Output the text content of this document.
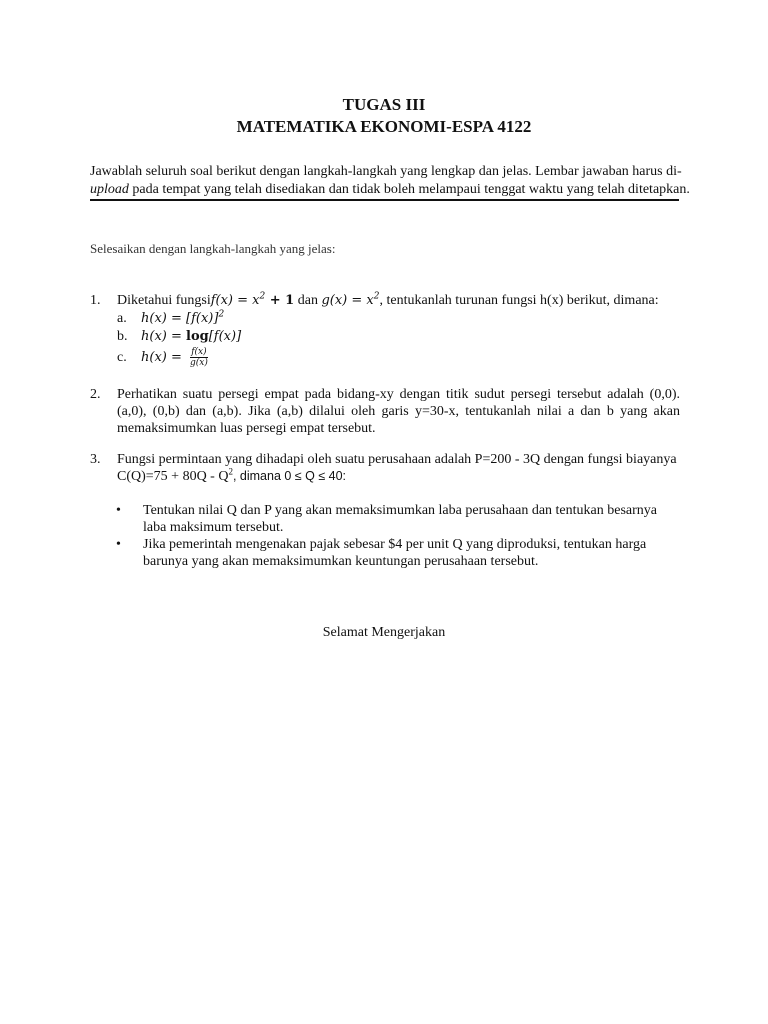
TUGAS III
MATEMATIKA EKONOMI-ESPA 4122
Jawablah seluruh soal berikut dengan langkah-langkah yang lengkap dan jelas. Lembar jawaban harus di-
upload pada tempat yang telah disediakan dan tidak boleh melampaui tenggat waktu yang telah ditetapkan.
Selesaikan dengan langkah-langkah yang jelas:
1. Diketahui fungsi $f(x) = x^2 + 1$ dan $g(x) = x^2$ , tentukanlah turunan fungsi h(x) berikut, dimana:
a.	$h(x) = [f(x)]^2$
b.	h(x) = log[f(x)]
c.	$h(x) = \frac{f(x)}{g(x)}$
2. Perhatikan suatu persegi empat pada bidang-xy dengan titik sudut persegi tersebut adalah (0,0). (a,0), (0,b) dan (a,b). Jika (a,b) dilalui oleh garis y=30-x, tentukanlah nilai a dan b yang akan memaksimumkan luas persegi empat tersebut.
3. Fungsi permintaan yang dihadapi oleh suatu perusahaan adalah P=200 - 3Q dengan fungsi biayanya
$C(Q)=75 + 80Q - Q^2$, dimana 0 ≤ Q ≤ 40:
• Tentukan nilai Q dan P yang akan memaksimumkan laba perusahaan dan tentukan besarnya laba maksimum tersebut.
• Jika pemerintah mengenakan pajak sebesar $4 per unit Q yang diproduksi, tentukan harga barunya yang akan memaksimumkan keuntungan perusahaan tersebut.
Selamat Mengerjakan
